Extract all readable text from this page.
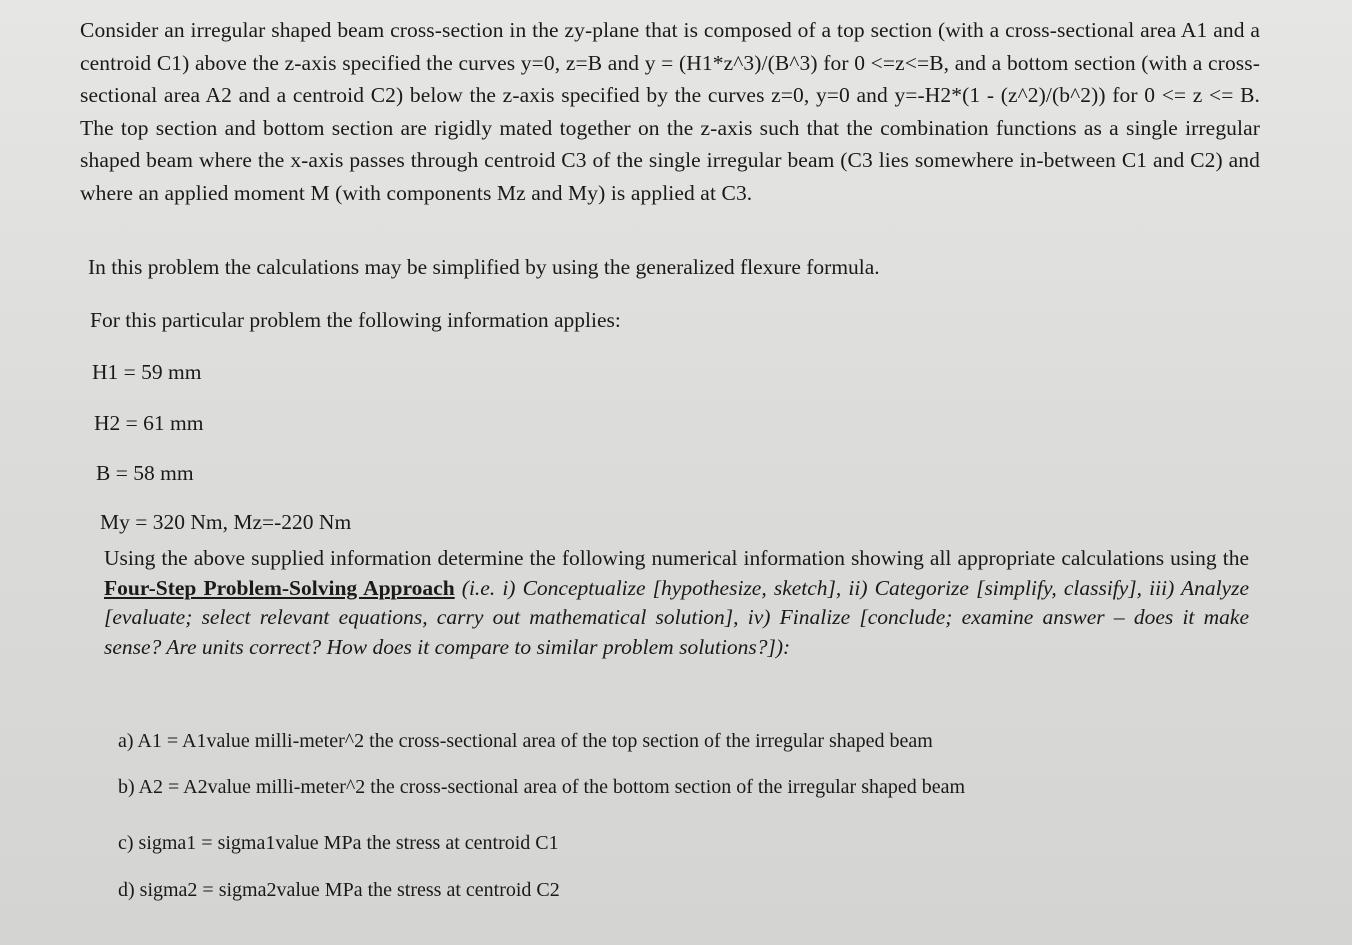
Consider an irregular shaped beam cross-section in the zy-plane that is composed of a top section (with a cross-sectional area A1 and a centroid C1) above the z-axis specified the curves y=0, z=B and y = (H1*z^3)/(B^3) for 0 <=z<=B, and a bottom section (with a cross-sectional area A2 and a centroid C2) below the z-axis specified by the curves z=0, y=0 and y=-H2*(1 - (z^2)/(b^2)) for 0 <= z <= B. The top section and bottom section are rigidly mated together on the z-axis such that the combination functions as a single irregular shaped beam where the x-axis passes through centroid C3 of the single irregular beam (C3 lies somewhere in-between C1 and C2) and where an applied moment M (with components Mz and My) is applied at C3.

In this problem the calculations may be simplified by using the generalized flexure formula.

For this particular problem the following information applies:

H1 = 59 mm

H2 = 61 mm

B = 58 mm

My = 320 Nm, Mz=-220 Nm

Using the above supplied information determine the following numerical information showing all appropriate calculations using the Four-Step Problem-Solving Approach (i.e. i) Conceptualize [hypothesize, sketch], ii) Categorize [simplify, classify], iii) Analyze [evaluate; select relevant equations, carry out mathematical solution], iv) Finalize [conclude; examine answer – does it make sense? Are units correct? How does it compare to similar problem solutions?]):

a) A1 = A1value milli-meter^2 the cross-sectional area of the top section of the irregular shaped beam

b) A2 = A2value milli-meter^2 the cross-sectional area of the bottom section of the irregular shaped beam

c) sigma1 = sigma1value MPa the stress at centroid C1

d) sigma2 = sigma2value MPa the stress at centroid C2
